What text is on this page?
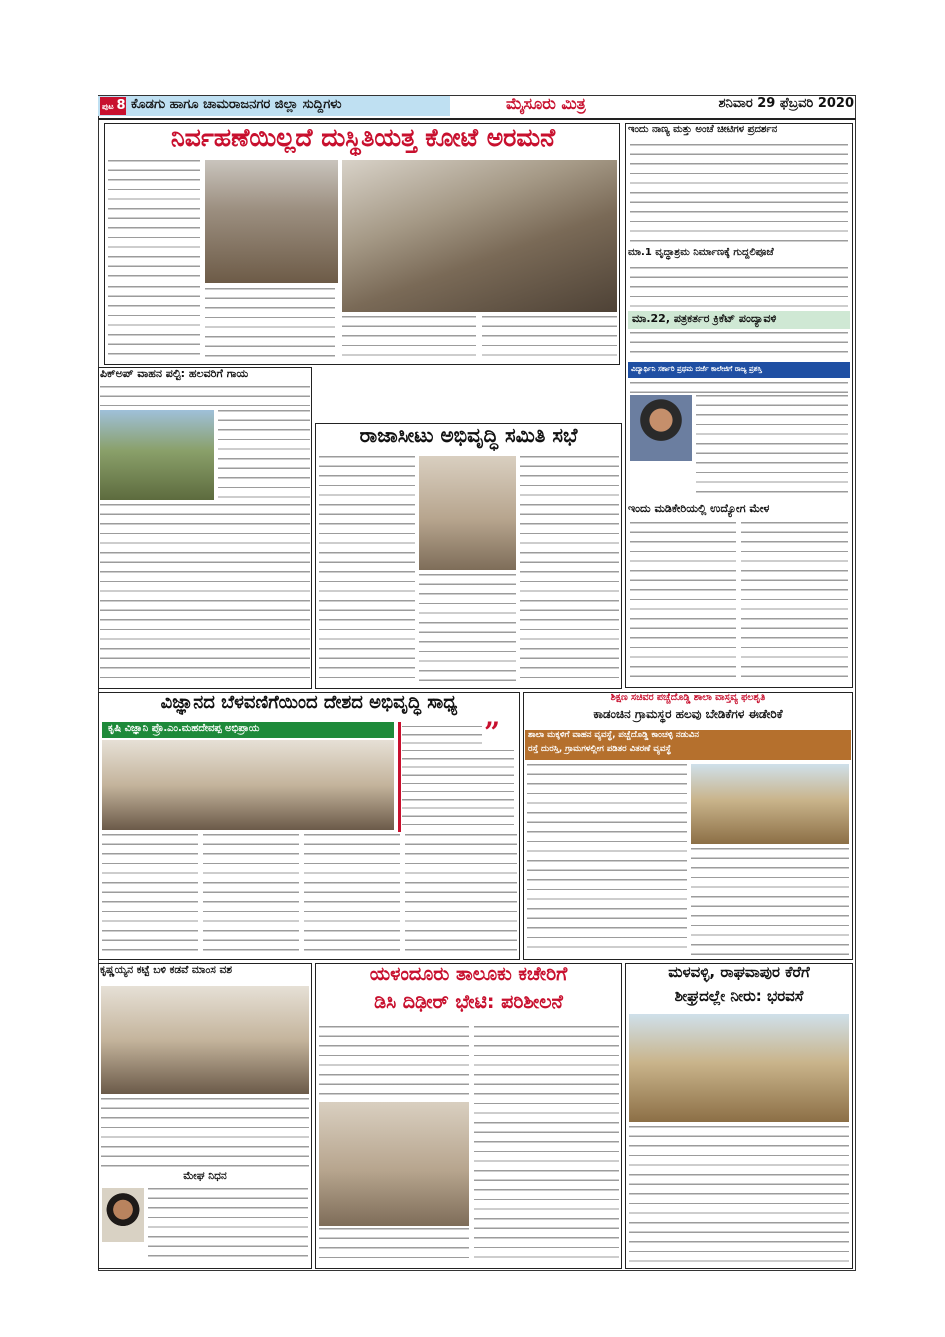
ಪುಟ 8 ಕೊಡಗು ಹಾಗೂ ಚಾಮರಾಜನಗರ ಜಿಲ್ಲಾ ಸುದ್ದಿಗಳು	ಮೈಸೂರು ಮಿತ್ರ	ಶನಿವಾರ 29 ಫೆಬ್ರವರಿ 2020
ನಿರ್ವಹಣೆಯಿಲ್ಲದೆ ದುಸ್ಥಿತಿಯತ್ತ ಕೋಟೆ ಅರಮನೆ	ಇಂದು ನಾಣ್ಯ ಮತ್ತು ಅಂಚೆ ಚೀಟಿಗಳ ಪ್ರದರ್ಶನ
ಮಾ.1 ವೃದ್ಧಾಶ್ರಮ ನಿರ್ಮಾಣಕ್ಕೆ ಗುದ್ದಲಿಪೂಜೆ
ಮಾ.22, ಪತ್ರಕರ್ತರ ಕ್ರಿಕೆಟ್ ಪಂದ್ಯಾವಳಿ
ವಿದ್ಯಾರ್ಥಿನಿ ಸರ್ಕಾರಿ ಪ್ರಥಮ ದರ್ಜೆ ಕಾಲೇಜಿಗೆ ರಾಜ್ಯ ಪ್ರಶಸ್ತಿ
ಇಂದು ಮಡಿಕೇರಿಯಲ್ಲಿ ಉದ್ಯೋಗ ಮೇಳ
ಪಿಕ್ಅಪ್ ವಾಹನ ಪಲ್ಟಿ: ಹಲವರಿಗೆ ಗಾಯ
ರಾಜಾಸೀಟು ಅಭಿವೃದ್ಧಿ ಸಮಿತಿ ಸಭೆ
ವಿಜ್ಞಾನದ ಬೆಳವಣಿಗೆಯಿಂದ ದೇಶದ ಅಭಿವೃದ್ಧಿ ಸಾಧ್ಯ
ಕೃಷಿ ವಿಜ್ಞಾನಿ ಪ್ರೊ.ಎಂ.ಮಹದೇವಪ್ಪ ಅಭಿಪ್ರಾಯ	”
ಶಿಕ್ಷಣ ಸಚಿವರ ಪಚ್ಚೆದೊಡ್ಡಿ ಶಾಲಾ ವಾಸ್ತವ್ಯ ಫಲಶೃತಿ
ಕಾಡಂಚಿನ ಗ್ರಾಮಸ್ಥರ ಹಲವು ಬೇಡಿಕೆಗಳ ಈಡೇರಿಕೆ
ಶಾಲಾ ಮಕ್ಕಳಿಗೆ ವಾಹನ ವ್ಯವಸ್ಥೆ, ಪಚ್ಚೆದೊಡ್ಡಿ ಕಾಂಚಳ್ಳಿ ನಡುವಿನ
ರಸ್ತೆ ದುರಸ್ತಿ, ಗ್ರಾಮಗಳಲ್ಲೀಗ ಪಡಿತರ ವಿತರಣೆ ವ್ಯವಸ್ಥೆ
ಕೃಷ್ಣಯ್ಯನ ಕಟ್ಟೆ ಬಳಿ ಕಡವೆ ಮಾಂಸ ವಶ
ಮೇಘ ನಿಧನ
ಯಳಂದೂರು ತಾಲೂಕು ಕಚೇರಿಗೆ
ಡಿಸಿ ದಿಢೀರ್ ಭೇಟಿ: ಪರಿಶೀಲನೆ
ಮಳವಳ್ಳಿ, ರಾಘವಾಪುರ ಕೆರೆಗೆ
ಶೀಘ್ರದಲ್ಲೇ ನೀರು: ಭರವಸೆ
